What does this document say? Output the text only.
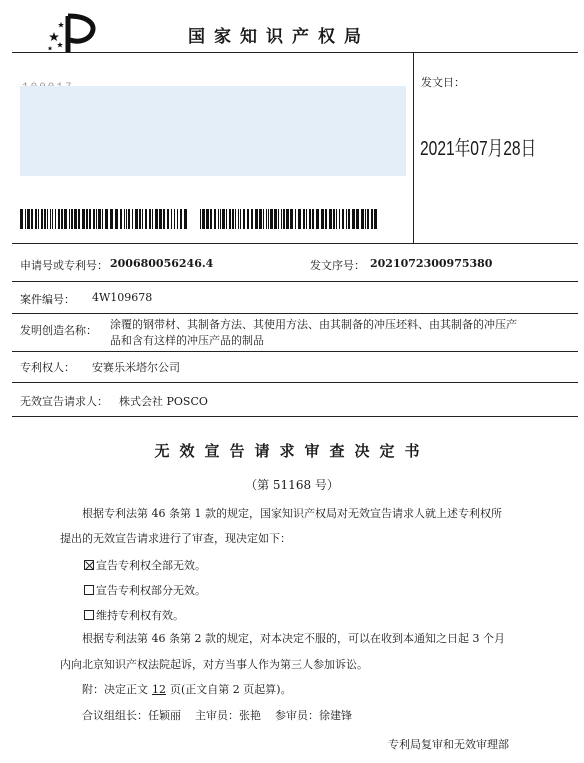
国家知识产权局
发文日：
2021年07月28日
申请号或专利号： 200680056246.4	发文序号： 2021072300975380
案件编号： 4W109678
发明创造名称： 涂覆的钢带材、其制备方法、其使用方法、由其制备的冲压坯料、由其制备的冲压产
品和含有这样的冲压产品的制品
专利权人： 安赛乐米塔尔公司
无效宣告请求人： 株式会社 POSCO
无效宣告请求审查决定书
（第 51168 号）
根据专利法第 46 条第 1 款的规定，国家知识产权局对无效宣告请求人就上述专利权所
提出的无效宣告请求进行了审查，现决定如下：
宣告专利权全部无效。
宣告专利权部分无效。
维持专利权有效。
根据专利法第 46 条第 2 款的规定，对本决定不服的，可以在收到本通知之日起 3 个月
内向北京知识产权法院起诉，对方当事人作为第三人参加诉讼。
附：决定正文 12 页(正文自第 2 页起算)。
合议组组长：任颖丽    主审员：张艳    参审员：徐建锋
专利局复审和无效审理部
